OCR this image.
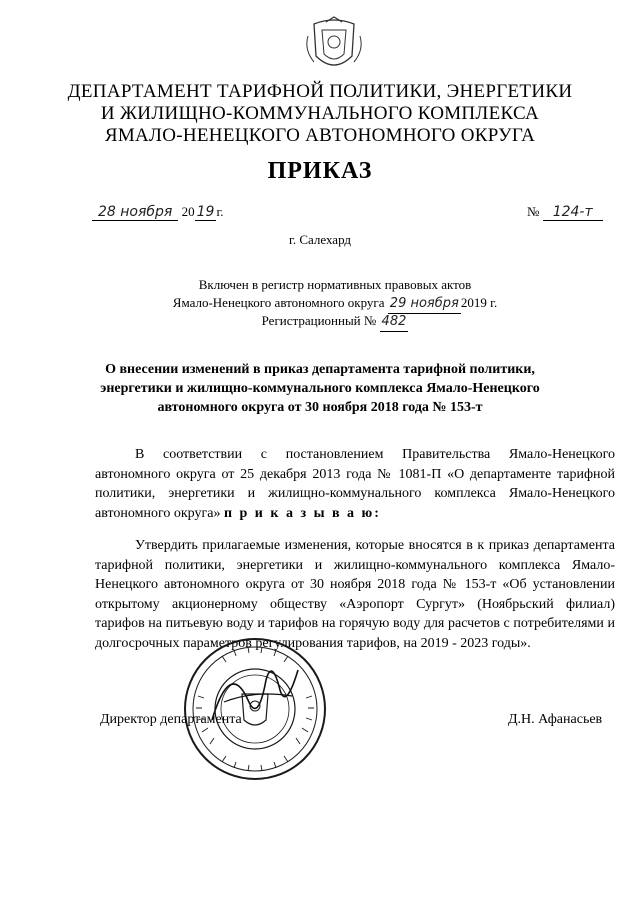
ДЕПАРТАМЕНТ ТАРИФНОЙ ПОЛИТИКИ, ЭНЕРГЕТИКИ
И ЖИЛИЩНО-КОММУНАЛЬНОГО КОМПЛЕКСА
ЯМАЛО-НЕНЕЦКОГО АВТОНОМНОГО ОКРУГА
ПРИКАЗ
28 ноября 20 19 г.	№ 124-т
г. Салехард
Включен в регистр нормативных правовых актов
Ямало-Ненецкого автономного округа 29 ноября 2019 г.
Регистрационный № 482
О внесении изменений в приказ департамента тарифной политики, энергетики и жилищно-коммунального комплекса Ямало-Ненецкого автономного округа от 30 ноября 2018 года № 153-т
В соответствии с постановлением Правительства Ямало-Ненецкого автономного округа от 25 декабря 2013 года № 1081-П «О департаменте тарифной политики, энергетики и жилищно-коммунального комплекса Ямало-Ненецкого автономного округа» п р и к а з ы в а ю:
Утвердить прилагаемые изменения, которые вносятся в к приказ департамента тарифной политики, энергетики и жилищно-коммунального комплекса Ямало-Ненецкого автономного округа от 30 ноября 2018 года № 153-т «Об установлении открытому акционерному обществу «Аэропорт Сургут» (Ноябрьский филиал) тарифов на питьевую воду и тарифов на горячую воду для расчетов с потребителями и долгосрочных параметров регулирования тарифов, на 2019 - 2023 годы».
Директор департамента	Д.Н. Афанасьев
